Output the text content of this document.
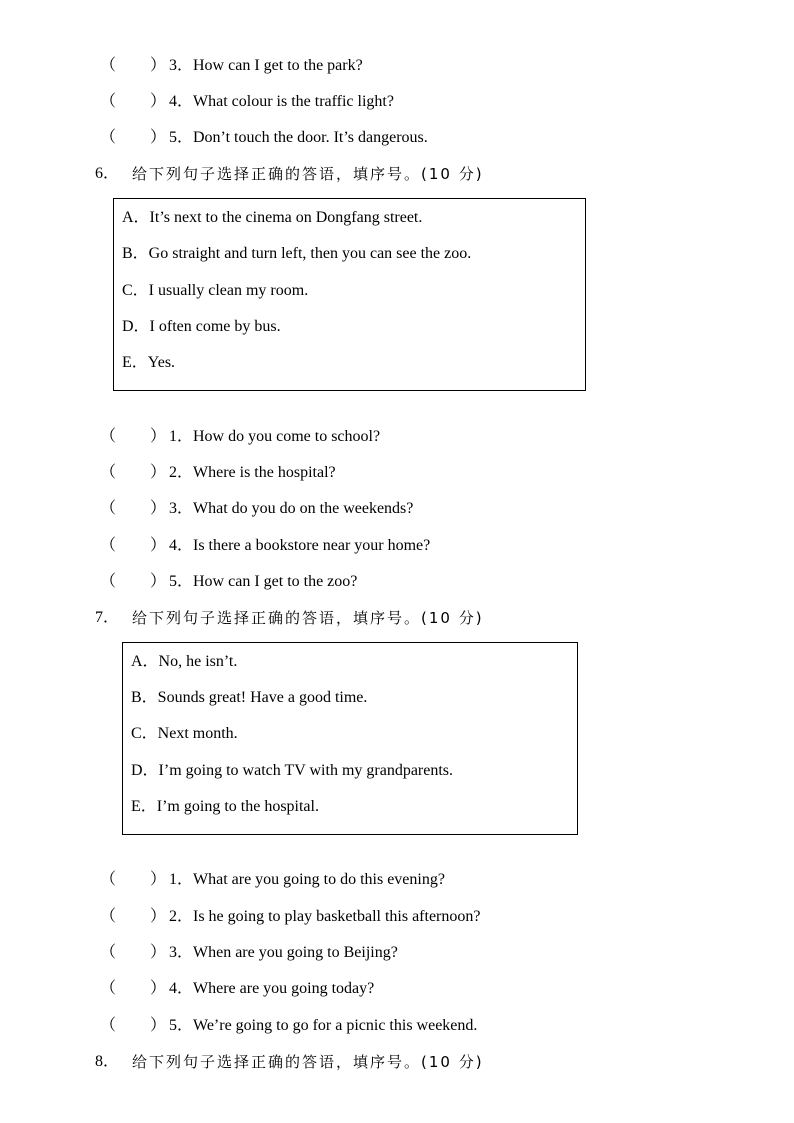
（ ） 3．How can I get to the park?
（ ） 4．What colour is the traffic light?
（ ） 5．Don’t touch the door. It’s dangerous.
6． 给下列句子选择正确的答语，填序号。(10 分)
A．It’s next to the cinema on Dongfang street.
B．Go straight and turn left, then you can see the zoo.
C．I usually clean my room.
D．I often come by bus.
E．Yes.
（ ） 1．How do you come to school?
（ ） 2．Where is the hospital?
（ ） 3．What do you do on the weekends?
（ ） 4．Is there a bookstore near your home?
（ ） 5．How can I get to the zoo?
7． 给下列句子选择正确的答语，填序号。(10 分)
A．No, he isn’t.
B．Sounds great! Have a good time.
C．Next month.
D．I’m going to watch TV with my grandparents.
E．I’m going to the hospital.
（ ） 1．What are you going to do this evening?
（ ） 2．Is he going to play basketball this afternoon?
（ ） 3．When are you going to Beijing?
（ ） 4．Where are you going today?
（ ） 5．We’re going to go for a picnic this weekend.
8． 给下列句子选择正确的答语，填序号。(10 分)
